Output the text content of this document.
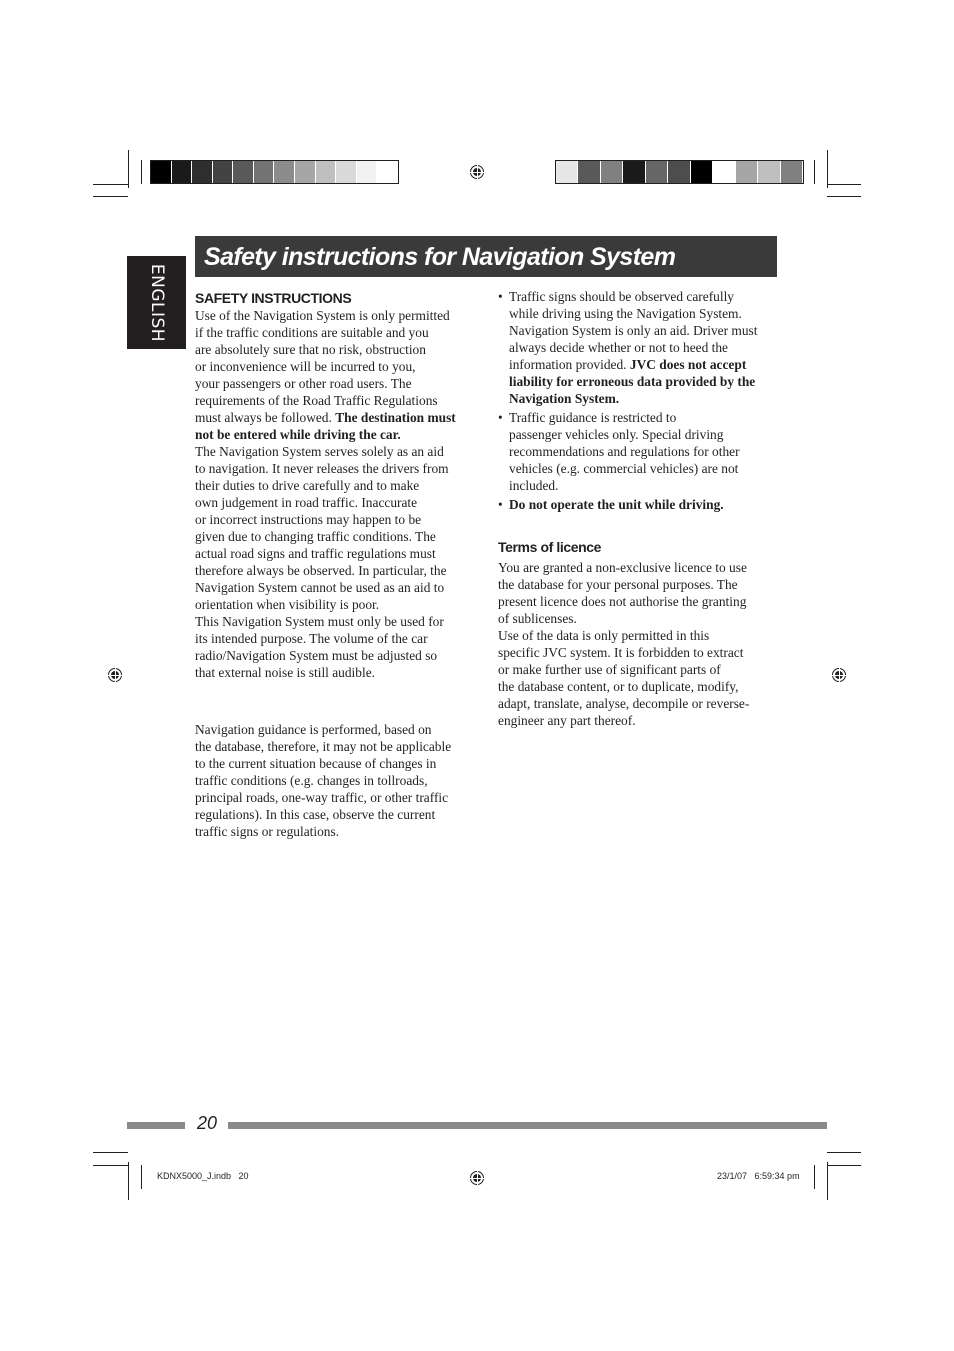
ENGLISH
Safety instructions for Navigation System

SAFETY INSTRUCTIONS

Use of the Navigation System is only permitted
if the traffic conditions are suitable and you
are absolutely sure that no risk, obstruction
or inconvenience will be incurred to you,
your passengers or other road users. The
requirements of the Road Traffic Regulations
must always be followed. The destination must
not be entered while driving the car.

The Navigation System serves solely as an aid
to navigation. It never releases the drivers from
their duties to drive carefully and to make
own judgement in road traffic. Inaccurate
or incorrect instructions may happen to be
given due to changing traffic conditions. The
actual road signs and traffic regulations must
therefore always be observed. In particular, the
Navigation System cannot be used as an aid to
orientation when visibility is poor.

This Navigation System must only be used for
its intended purpose. The volume of the car
radio/Navigation System must be adjusted so
that external noise is still audible.

Navigation guidance is performed, based on
the database, therefore, it may not be applicable
to the current situation because of changes in
traffic conditions (e.g. changes in tollroads,
principal roads, one-way traffic, or other traffic
regulations). In this case, observe the current
traffic signs or regulations.

• Traffic signs should be observed carefully
while driving using the Navigation System.
Navigation System is only an aid. Driver must
always decide whether or not to heed the
information provided. JVC does not accept
liability for erroneous data provided by the
Navigation System.
• Traffic guidance is restricted to
passenger vehicles only. Special driving
recommendations and regulations for other
vehicles (e.g. commercial vehicles) are not
included.
• Do not operate the unit while driving.

Terms of licence

You are granted a non-exclusive licence to use
the database for your personal purposes. The
present licence does not authorise the granting
of sublicenses.

Use of the data is only permitted in this
specific JVC system. It is forbidden to extract
or make further use of significant parts of
the database content, or to duplicate, modify,
adapt, translate, analyse, decompile or reverse-
engineer any part thereof.

20
KDNX5000_J.indb   20	23/1/07   6:59:34 pm
